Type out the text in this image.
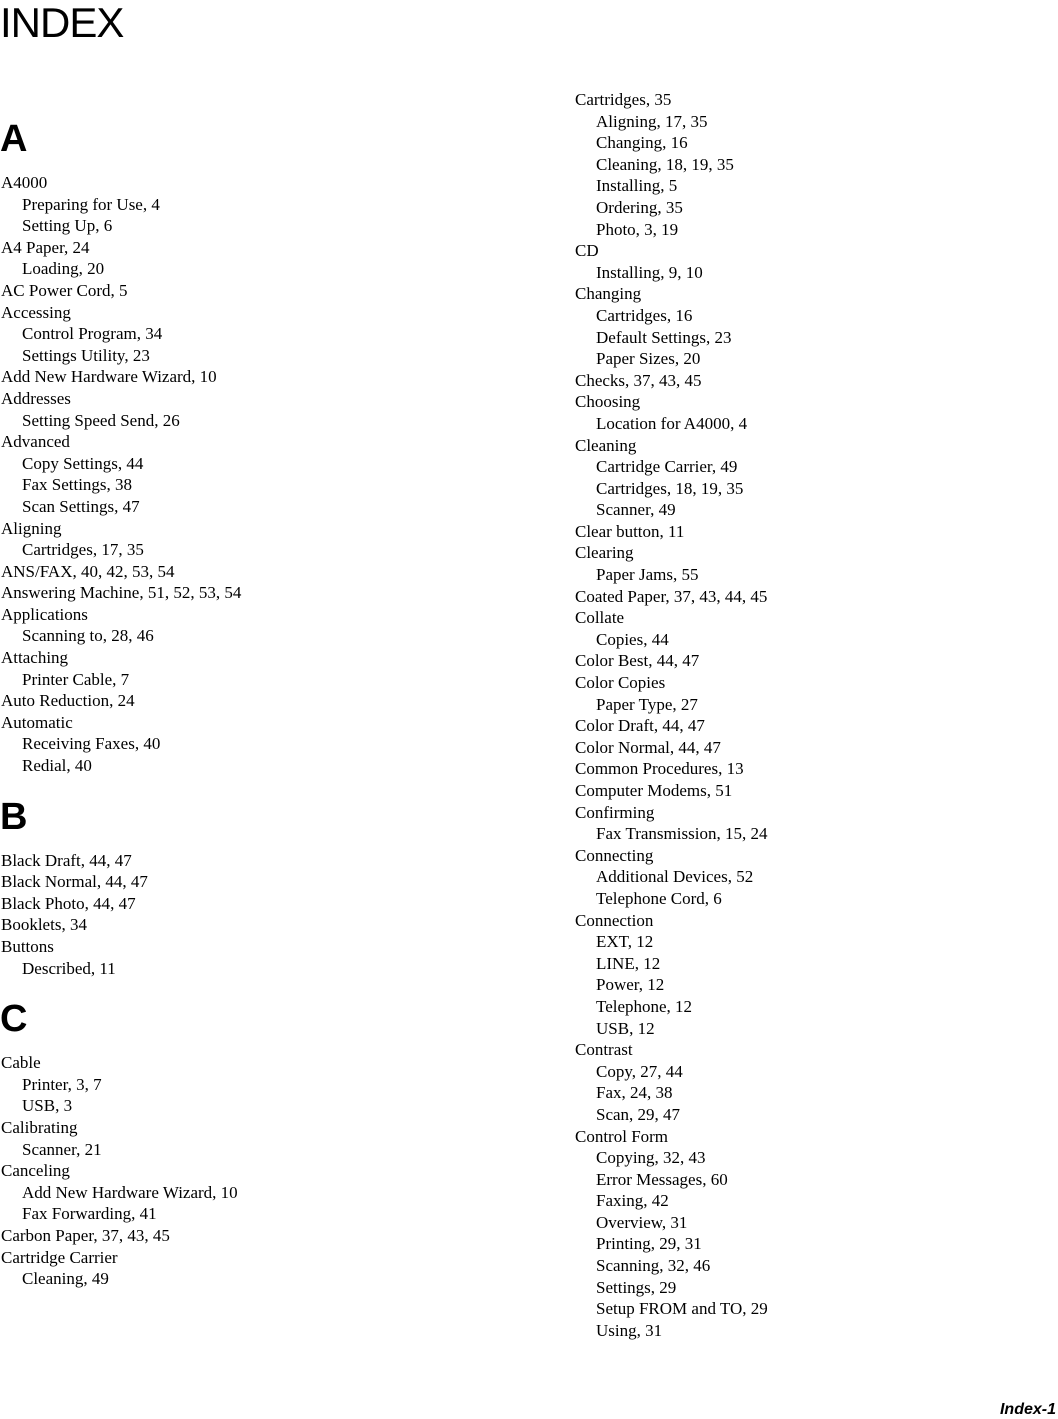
INDEX
A
A4000
Preparing for Use, 4
Setting Up, 6
A4 Paper, 24
Loading, 20
AC Power Cord, 5
Accessing
Control Program, 34
Settings Utility, 23
Add New Hardware Wizard, 10
Addresses
Setting Speed Send, 26
Advanced
Copy Settings, 44
Fax Settings, 38
Scan Settings, 47
Aligning
Cartridges, 17, 35
ANS/FAX, 40, 42, 53, 54
Answering Machine, 51, 52, 53, 54
Applications
Scanning to, 28, 46
Attaching
Printer Cable, 7
Auto Reduction, 24
Automatic
Receiving Faxes, 40
Redial, 40
B
Black Draft, 44, 47
Black Normal, 44, 47
Black Photo, 44, 47
Booklets, 34
Buttons
Described, 11
C
Cable
Printer, 3, 7
USB, 3
Calibrating
Scanner, 21
Canceling
Add New Hardware Wizard, 10
Fax Forwarding, 41
Carbon Paper, 37, 43, 45
Cartridge Carrier
Cleaning, 49
Cartridges, 35
Aligning, 17, 35
Changing, 16
Cleaning, 18, 19, 35
Installing, 5
Ordering, 35
Photo, 3, 19
CD
Installing, 9, 10
Changing
Cartridges, 16
Default Settings, 23
Paper Sizes, 20
Checks, 37, 43, 45
Choosing
Location for A4000, 4
Cleaning
Cartridge Carrier, 49
Cartridges, 18, 19, 35
Scanner, 49
Clear button, 11
Clearing
Paper Jams, 55
Coated Paper, 37, 43, 44, 45
Collate
Copies, 44
Color Best, 44, 47
Color Copies
Paper Type, 27
Color Draft, 44, 47
Color Normal, 44, 47
Common Procedures, 13
Computer Modems, 51
Confirming
Fax Transmission, 15, 24
Connecting
Additional Devices, 52
Telephone Cord, 6
Connection
EXT, 12
LINE, 12
Power, 12
Telephone, 12
USB, 12
Contrast
Copy, 27, 44
Fax, 24, 38
Scan, 29, 47
Control Form
Copying, 32, 43
Error Messages, 60
Faxing, 42
Overview, 31
Printing, 29, 31
Scanning, 32, 46
Settings, 29
Setup FROM and TO, 29
Using, 31
Index-1
